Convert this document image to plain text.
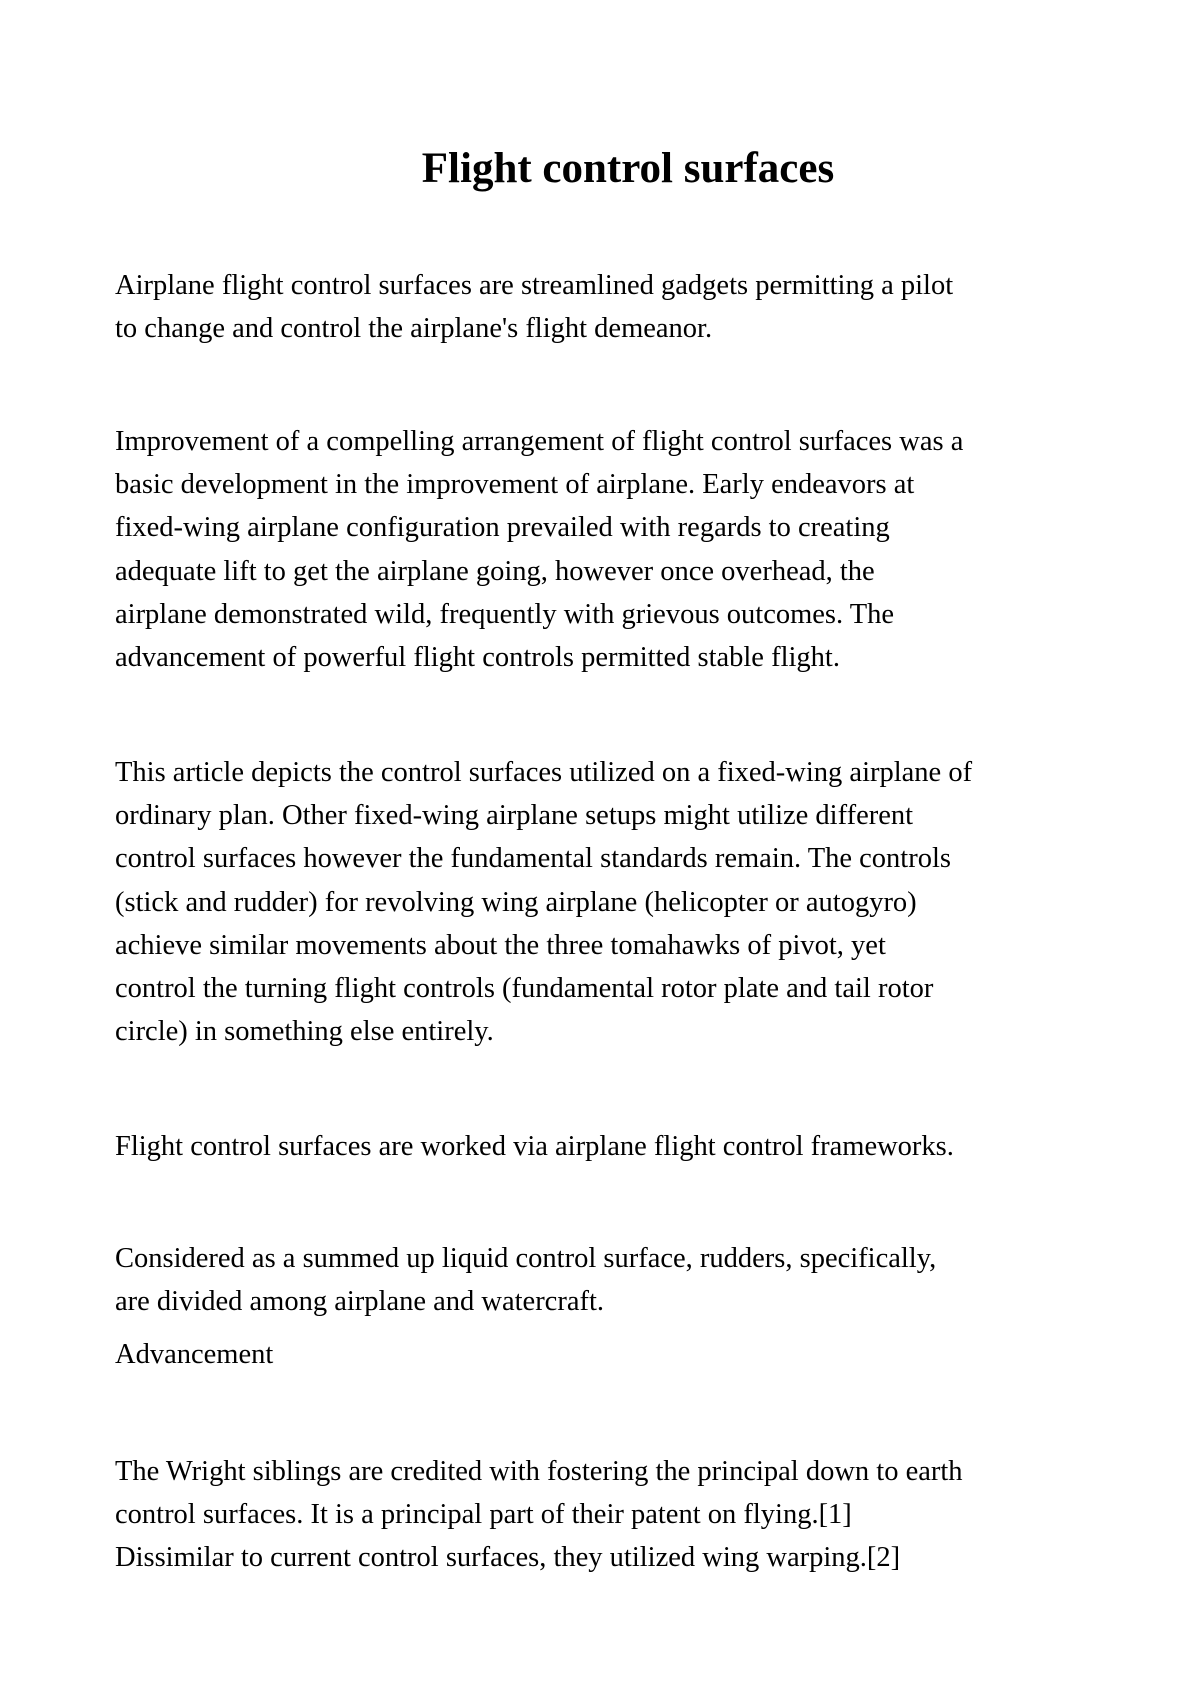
Flight control surfaces

Airplane flight control surfaces are streamlined gadgets permitting a pilot
to change and control the airplane's flight demeanor.

Improvement of a compelling arrangement of flight control surfaces was a
basic development in the improvement of airplane. Early endeavors at
fixed-wing airplane configuration prevailed with regards to creating
adequate lift to get the airplane going, however once overhead, the
airplane demonstrated wild, frequently with grievous outcomes. The
advancement of powerful flight controls permitted stable flight.

This article depicts the control surfaces utilized on a fixed-wing airplane of
ordinary plan. Other fixed-wing airplane setups might utilize different
control surfaces however the fundamental standards remain. The controls
(stick and rudder) for revolving wing airplane (helicopter or autogyro)
achieve similar movements about the three tomahawks of pivot, yet
control the turning flight controls (fundamental rotor plate and tail rotor
circle) in something else entirely.

Flight control surfaces are worked via airplane flight control frameworks.

Considered as a summed up liquid control surface, rudders, specifically,
are divided among airplane and watercraft.

Advancement

The Wright siblings are credited with fostering the principal down to earth
control surfaces. It is a principal part of their patent on flying.[1]
Dissimilar to current control surfaces, they utilized wing warping.[2]
